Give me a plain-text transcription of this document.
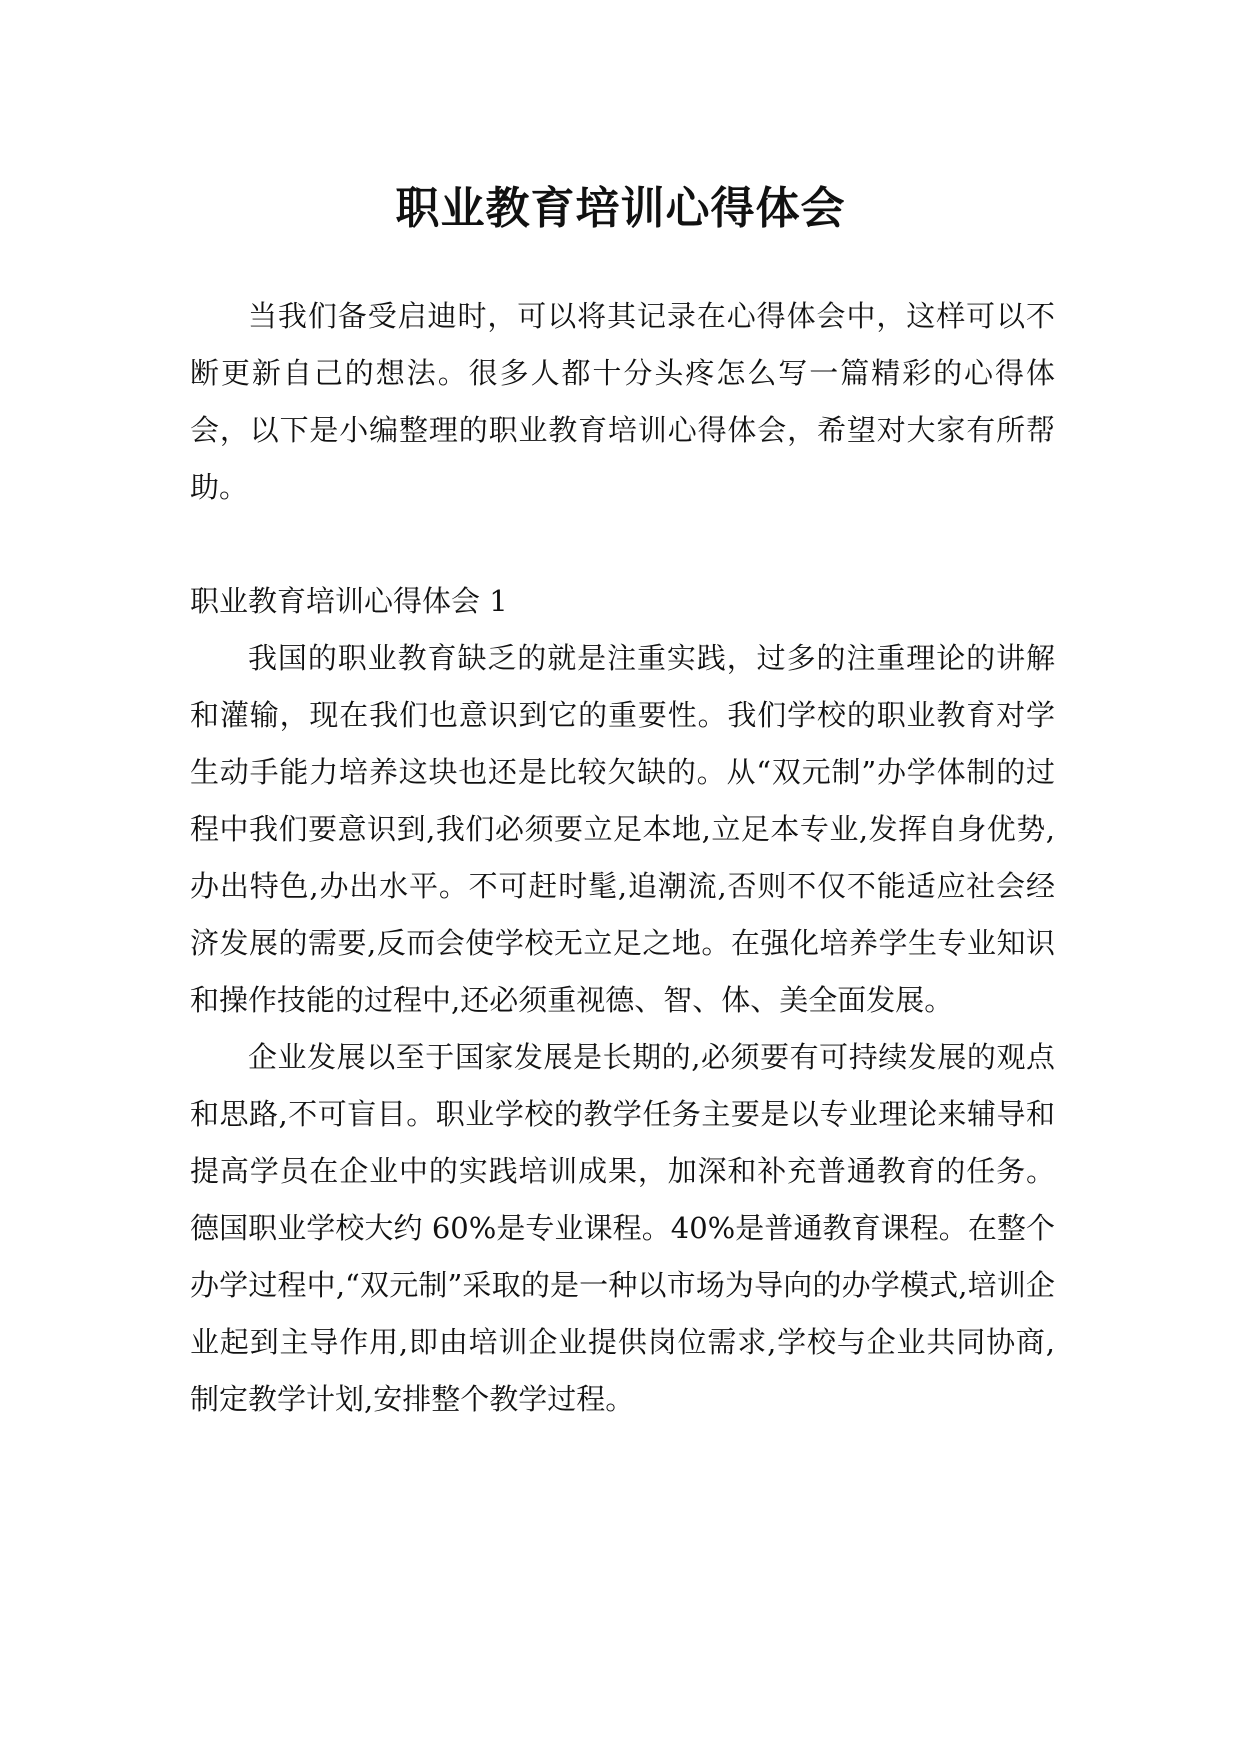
职业教育培训心得体会

当我们备受启迪时，可以将其记录在心得体会中，这样可以不断更新自己的想法。很多人都十分头疼怎么写一篇精彩的心得体会，以下是小编整理的职业教育培训心得体会，希望对大家有所帮助。

职业教育培训心得体会 1

我国的职业教育缺乏的就是注重实践，过多的注重理论的讲解和灌输，现在我们也意识到它的重要性。我们学校的职业教育对学生动手能力培养这块也还是比较欠缺的。从“双元制”办学体制的过程中我们要意识到,我们必须要立足本地,立足本专业,发挥自身优势,办出特色,办出水平。不可赶时髦,追潮流,否则不仅不能适应社会经济发展的需要,反而会使学校无立足之地。在强化培养学生专业知识和操作技能的过程中,还必须重视德、智、体、美全面发展。

企业发展以至于国家发展是长期的,必须要有可持续发展的观点和思路,不可盲目。职业学校的教学任务主要是以专业理论来辅导和提高学员在企业中的实践培训成果，加深和补充普通教育的任务。德国职业学校大约 60%是专业课程。40%是普通教育课程。在整个办学过程中,“双元制”采取的是一种以市场为导向的办学模式,培训企业起到主导作用,即由培训企业提供岗位需求,学校与企业共同协商,制定教学计划,安排整个教学过程。
